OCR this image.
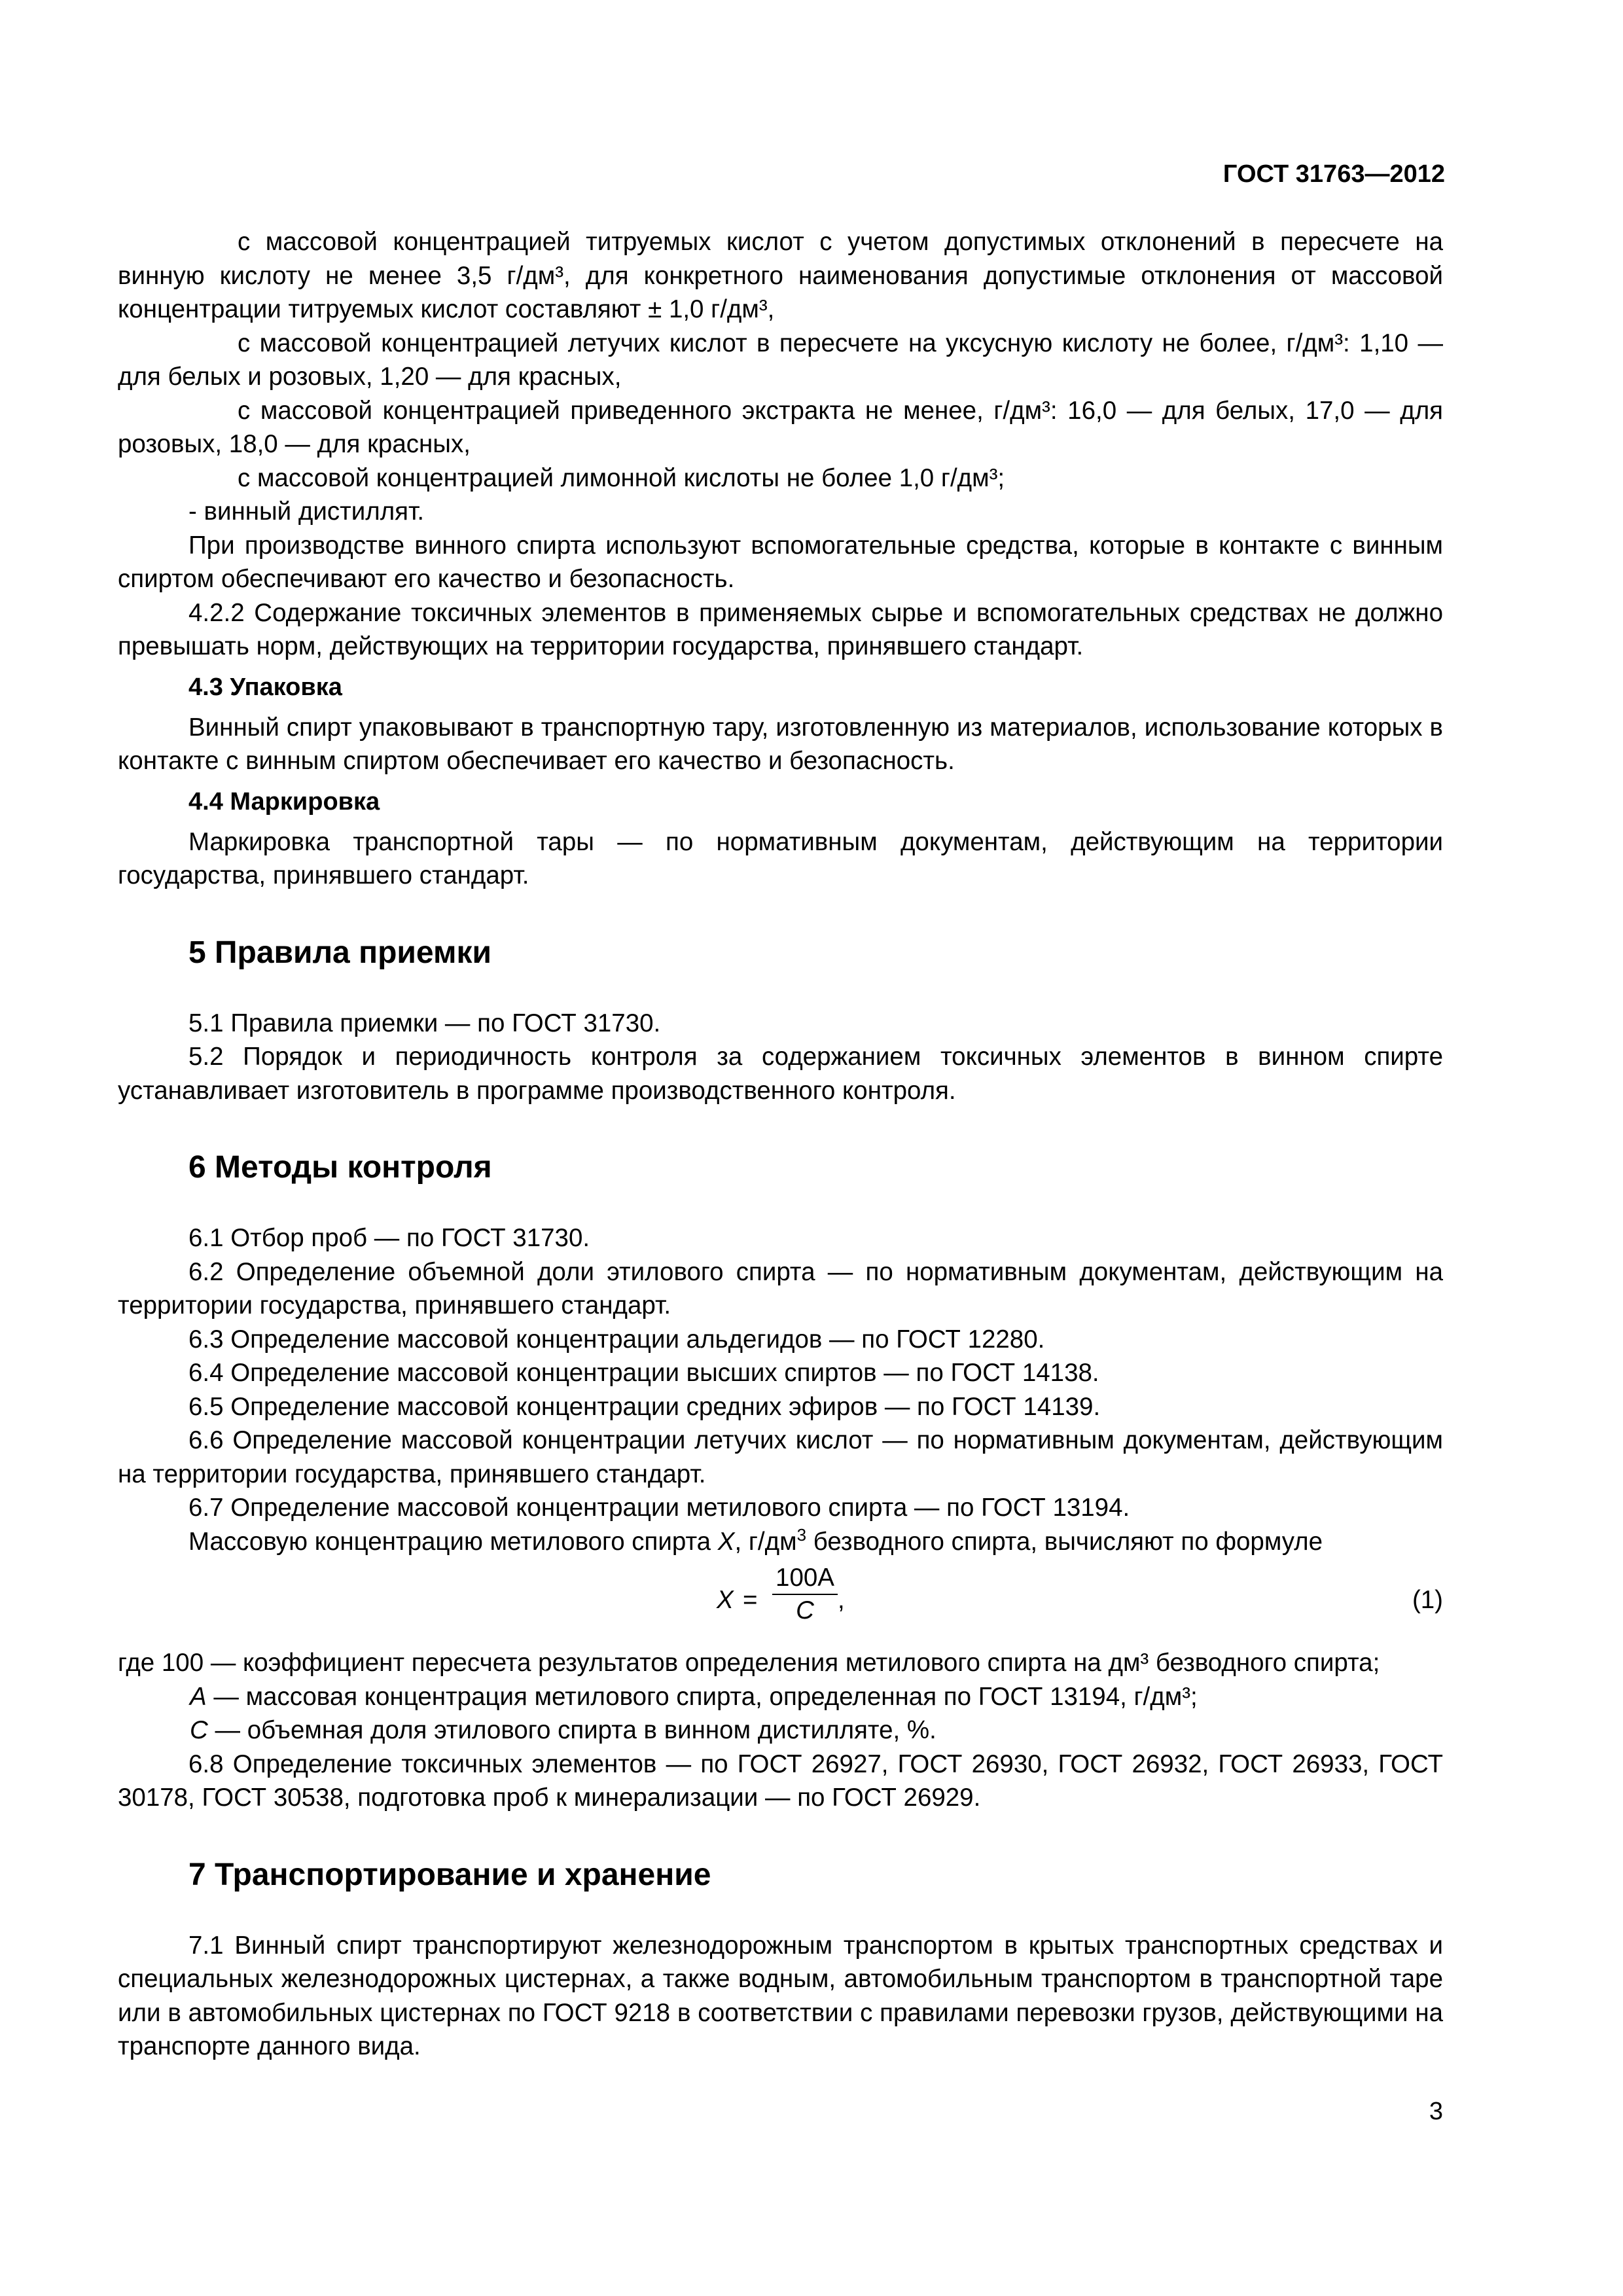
ГОСТ 31763—2012

с массовой концентрацией титруемых кислот с учетом допустимых отклонений в пересчете на винную кислоту не менее 3,5 г/дм³, для конкретного наименования допустимые отклонения от массовой концентрации титруемых кислот составляют ± 1,0 г/дм³,

с массовой концентрацией летучих кислот в пересчете на уксусную кислоту не более, г/дм³: 1,10 — для белых и розовых, 1,20 — для красных,

с массовой концентрацией приведенного экстракта не менее, г/дм³: 16,0 — для белых, 17,0 — для розовых, 18,0 — для красных,

с массовой концентрацией лимонной кислоты не более 1,0 г/дм³;

- винный дистиллят.

При производстве винного спирта используют вспомогательные средства, которые в контакте с винным спиртом обеспечивают его качество и безопасность.

4.2.2 Содержание токсичных элементов в применяемых сырье и вспомогательных средствах не должно превышать норм, действующих на территории государства, принявшего стандарт.

4.3 Упаковка

Винный спирт упаковывают в транспортную тару, изготовленную из материалов, использование которых в контакте с винным спиртом обеспечивает его качество и безопасность.

4.4 Маркировка

Маркировка транспортной тары — по нормативным документам, действующим на территории государства, принявшего стандарт.

5 Правила приемки

5.1 Правила приемки — по ГОСТ 31730.

5.2 Порядок и периодичность контроля за содержанием токсичных элементов в винном спирте устанавливает изготовитель в программе производственного контроля.

6 Методы контроля

6.1 Отбор проб — по ГОСТ 31730.

6.2 Определение объемной доли этилового спирта — по нормативным документам, действующим на территории государства, принявшего стандарт.

6.3 Определение массовой концентрации альдегидов — по ГОСТ 12280.

6.4 Определение массовой концентрации высших спиртов — по ГОСТ 14138.

6.5 Определение массовой концентрации средних эфиров — по ГОСТ 14139.

6.6 Определение массовой концентрации летучих кислот — по нормативным документам, действующим на территории государства, принявшего стандарт.

6.7 Определение массовой концентрации метилового спирта — по ГОСТ 13194.

Массовую концентрацию метилового спирта X, $г/дм^3$ безводного спирта, вычисляют по формуле

X =
100A
C ,	(1)

где 100 — коэффициент пересчета результатов определения метилового спирта на дм³ безводного спирта;

A — массовая концентрация метилового спирта, определенная по ГОСТ 13194, г/дм³;

C — объемная доля этилового спирта в винном дистилляте, %.

6.8 Определение токсичных элементов — по ГОСТ 26927, ГОСТ 26930, ГОСТ 26932, ГОСТ 26933, ГОСТ 30178, ГОСТ 30538, подготовка проб к минерализации — по ГОСТ 26929.

7 Транспортирование и хранение

7.1 Винный спирт транспортируют железнодорожным транспортом в крытых транспортных средствах и специальных железнодорожных цистернах, а также водным, автомобильным транспортом в транспортной таре или в автомобильных цистернах по ГОСТ 9218 в соответствии с правилами перевозки грузов, действующими на транспорте данного вида.

3
